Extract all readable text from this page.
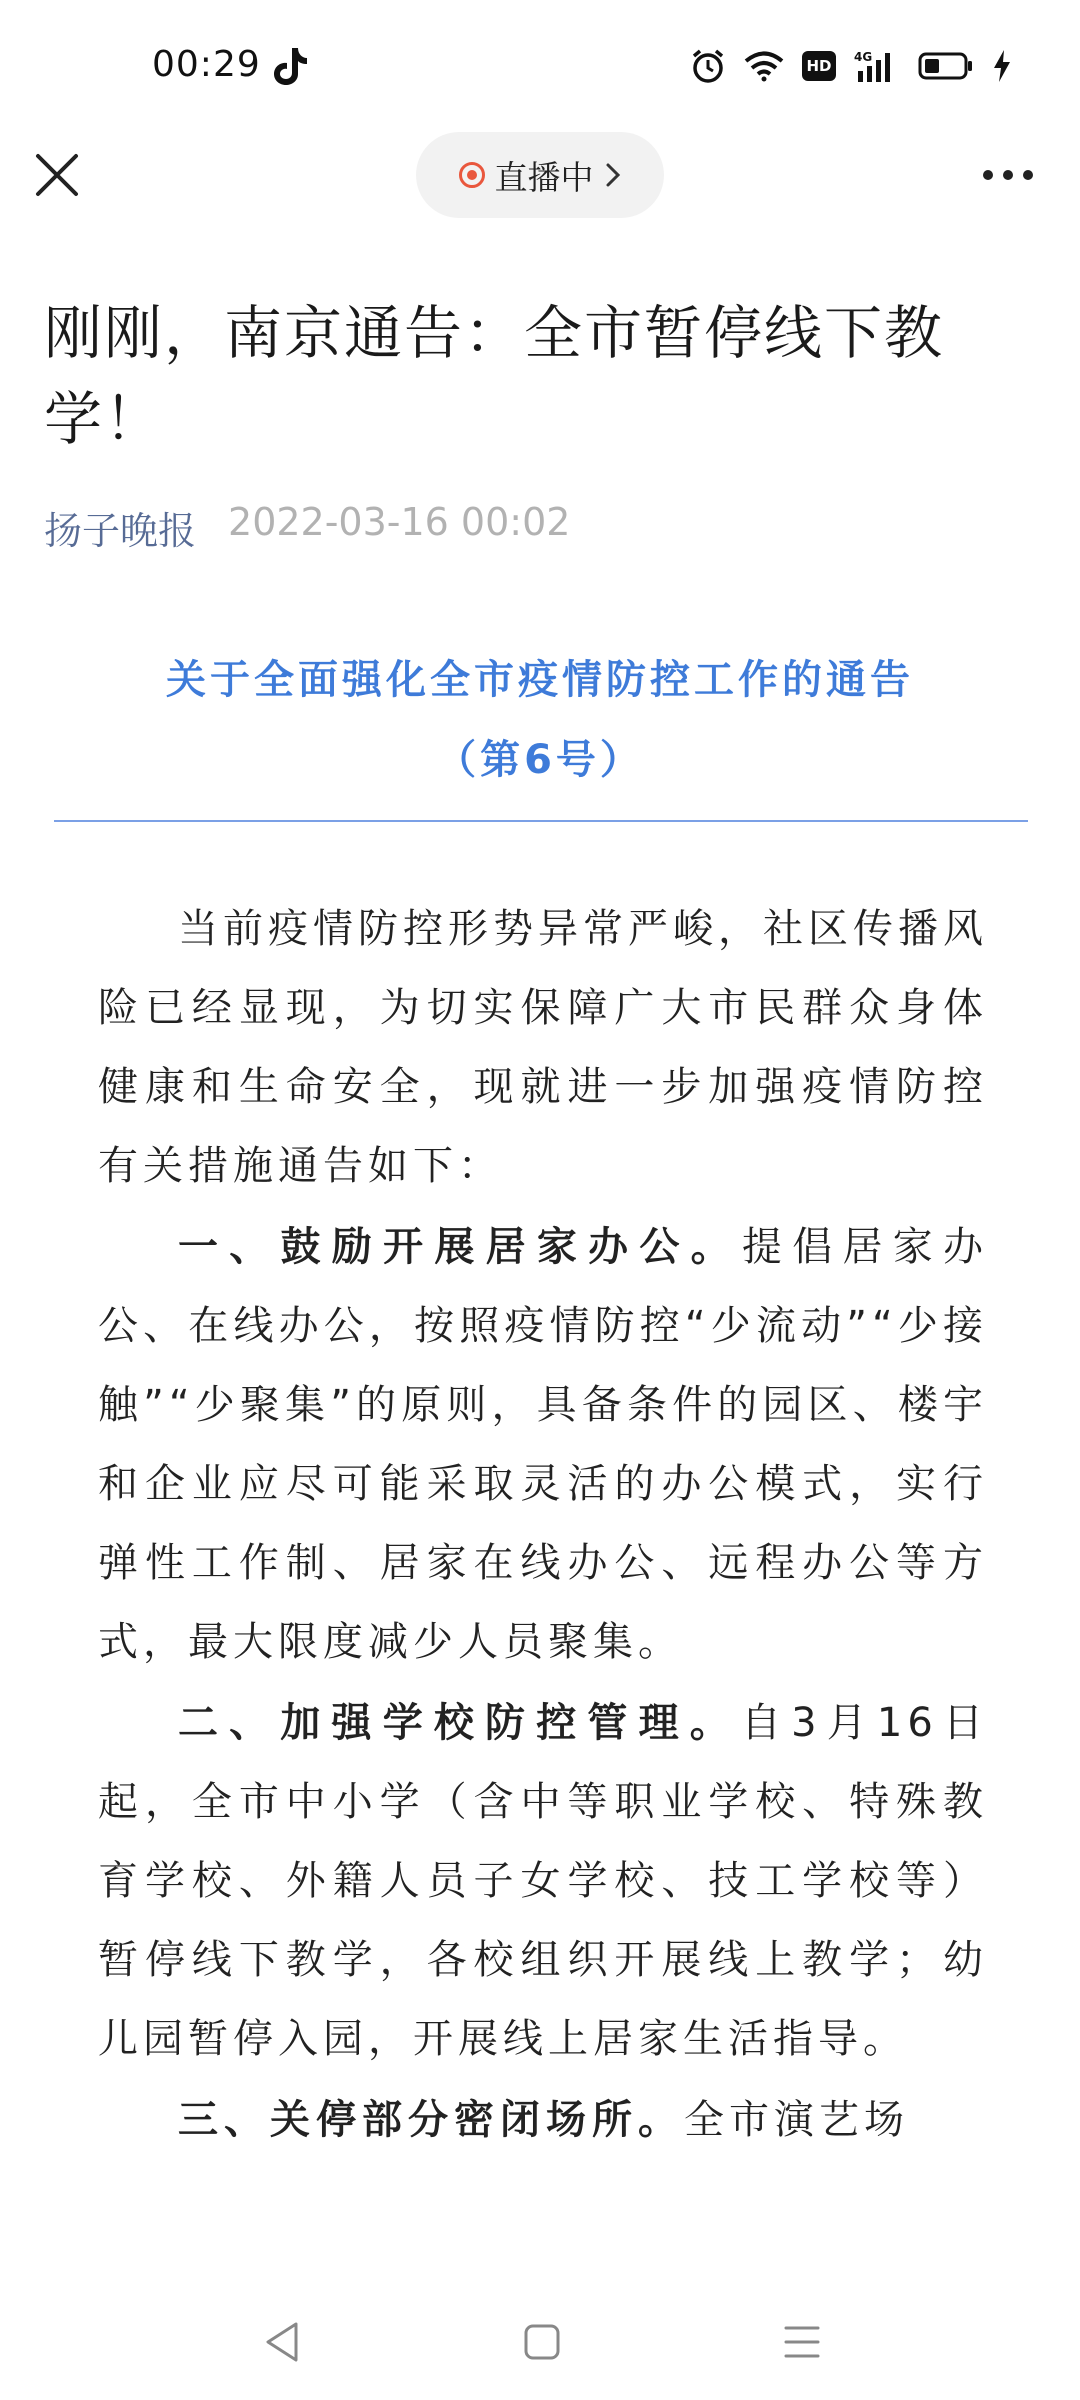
00:29	HD	4G
直播中
刚刚，南京通告：全市暂停线下教学！
扬子晚报 2022-03-16 00:02
关于全面强化全市疫情防控工作的通告
（第6号）

当前疫情防控形势异常严峻，社区传播风险已经显现，为切实保障广大市民群众身体健康和生命安全，现就进一步加强疫情防控有关措施通告如下：

一、鼓励开展居家办公。提倡居家办公、在线办公，按照疫情防控“少流动”“少接触”“少聚集”的原则，具备条件的园区、楼宇和企业应尽可能采取灵活的办公模式，实行弹性工作制、居家在线办公、远程办公等方式，最大限度减少人员聚集。

二、加强学校防控管理。自3月16日起，全市中小学（含中等职业学校、特殊教育学校、外籍人员子女学校、技工学校等）暂停线下教学，各校组织开展线上教学；幼儿园暂停入园，开展线上居家生活指导。

三、关停部分密闭场所。全市演艺场
